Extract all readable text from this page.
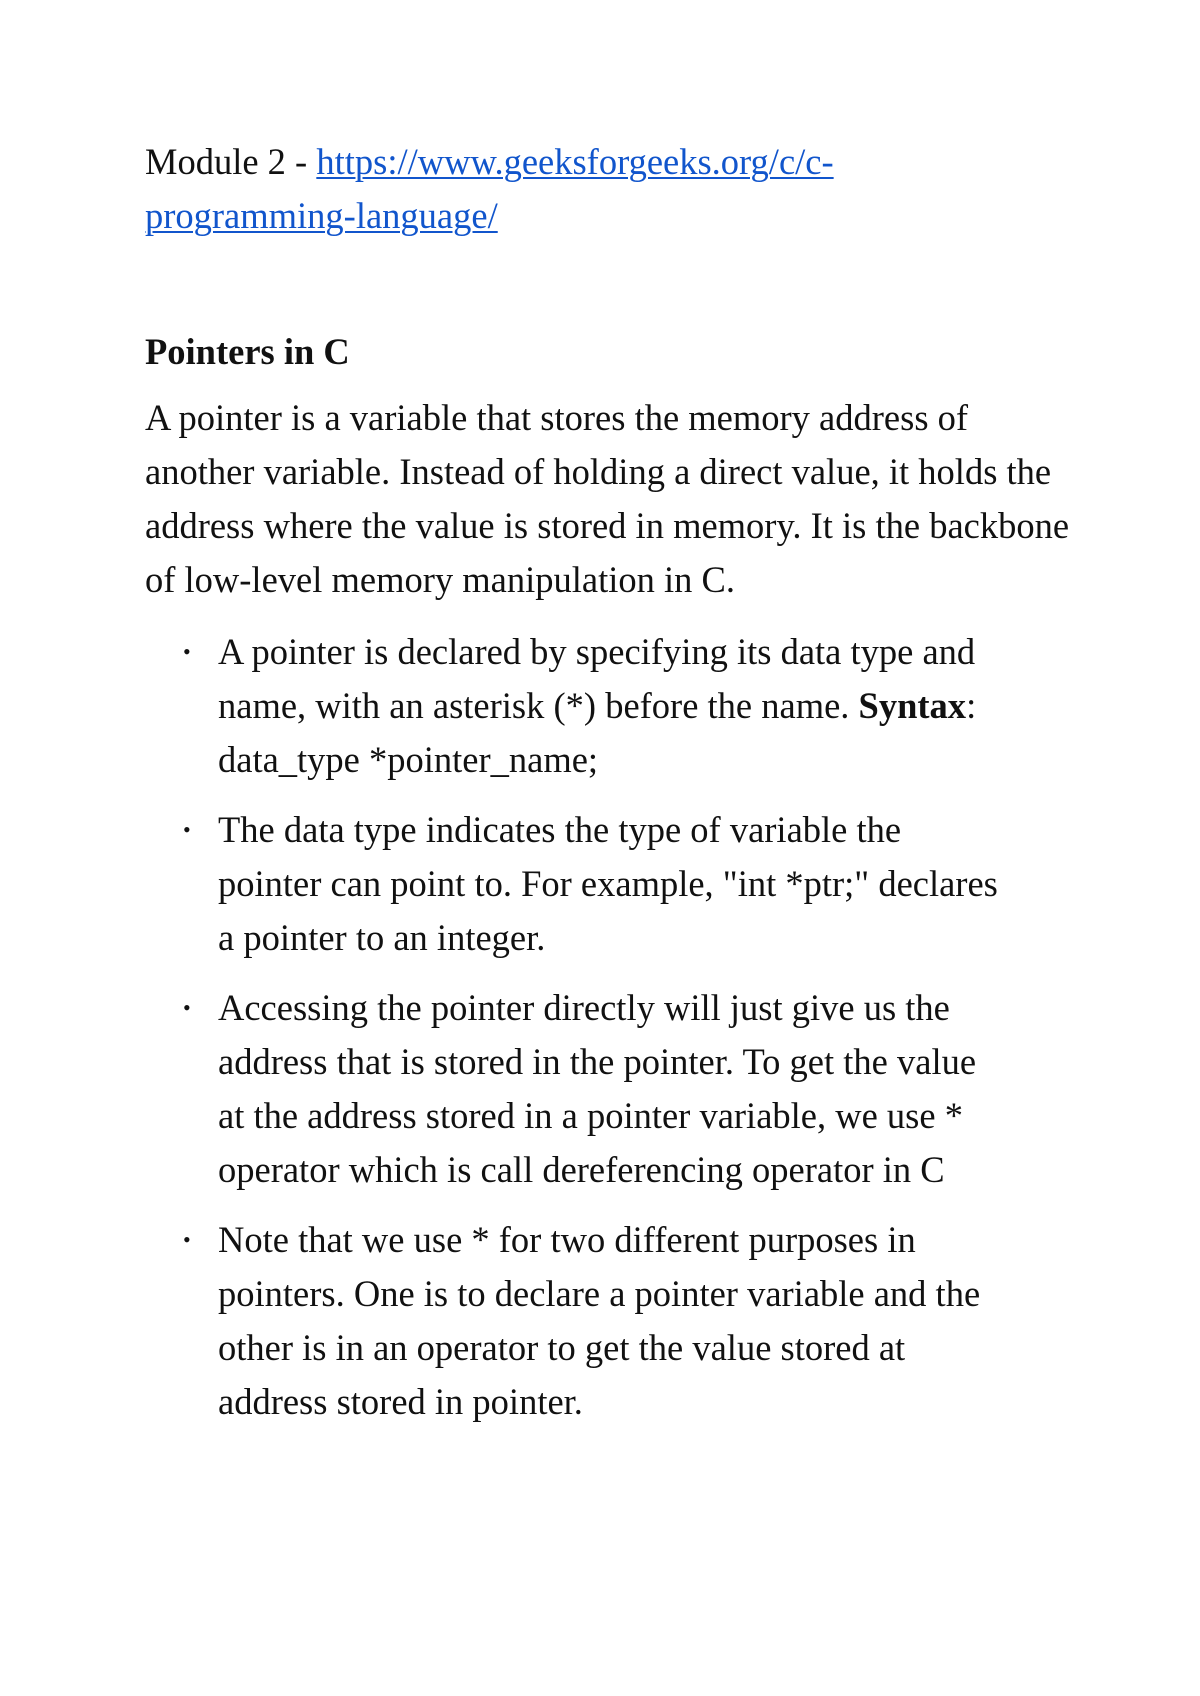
Module 2 - https://www.geeksforgeeks.org/c/c-
programming-language/

Pointers in C

A pointer is a variable that stores the memory address of another variable. Instead of holding a direct value, it holds the address where the value is stored in memory. It is the backbone of low-level memory manipulation in C.

• A pointer is declared by specifying its data type and name, with an asterisk (*) before the name. Syntax: data_type *pointer_name;
• The data type indicates the type of variable the pointer can point to. For example, "int *ptr;" declares a pointer to an integer.
• Accessing the pointer directly will just give us the address that is stored in the pointer. To get the value at the address stored in a pointer variable, we use * operator which is call dereferencing operator in C
• Note that we use * for two different purposes in pointers. One is to declare a pointer variable and the other is in an operator to get the value stored at address stored in pointer.
